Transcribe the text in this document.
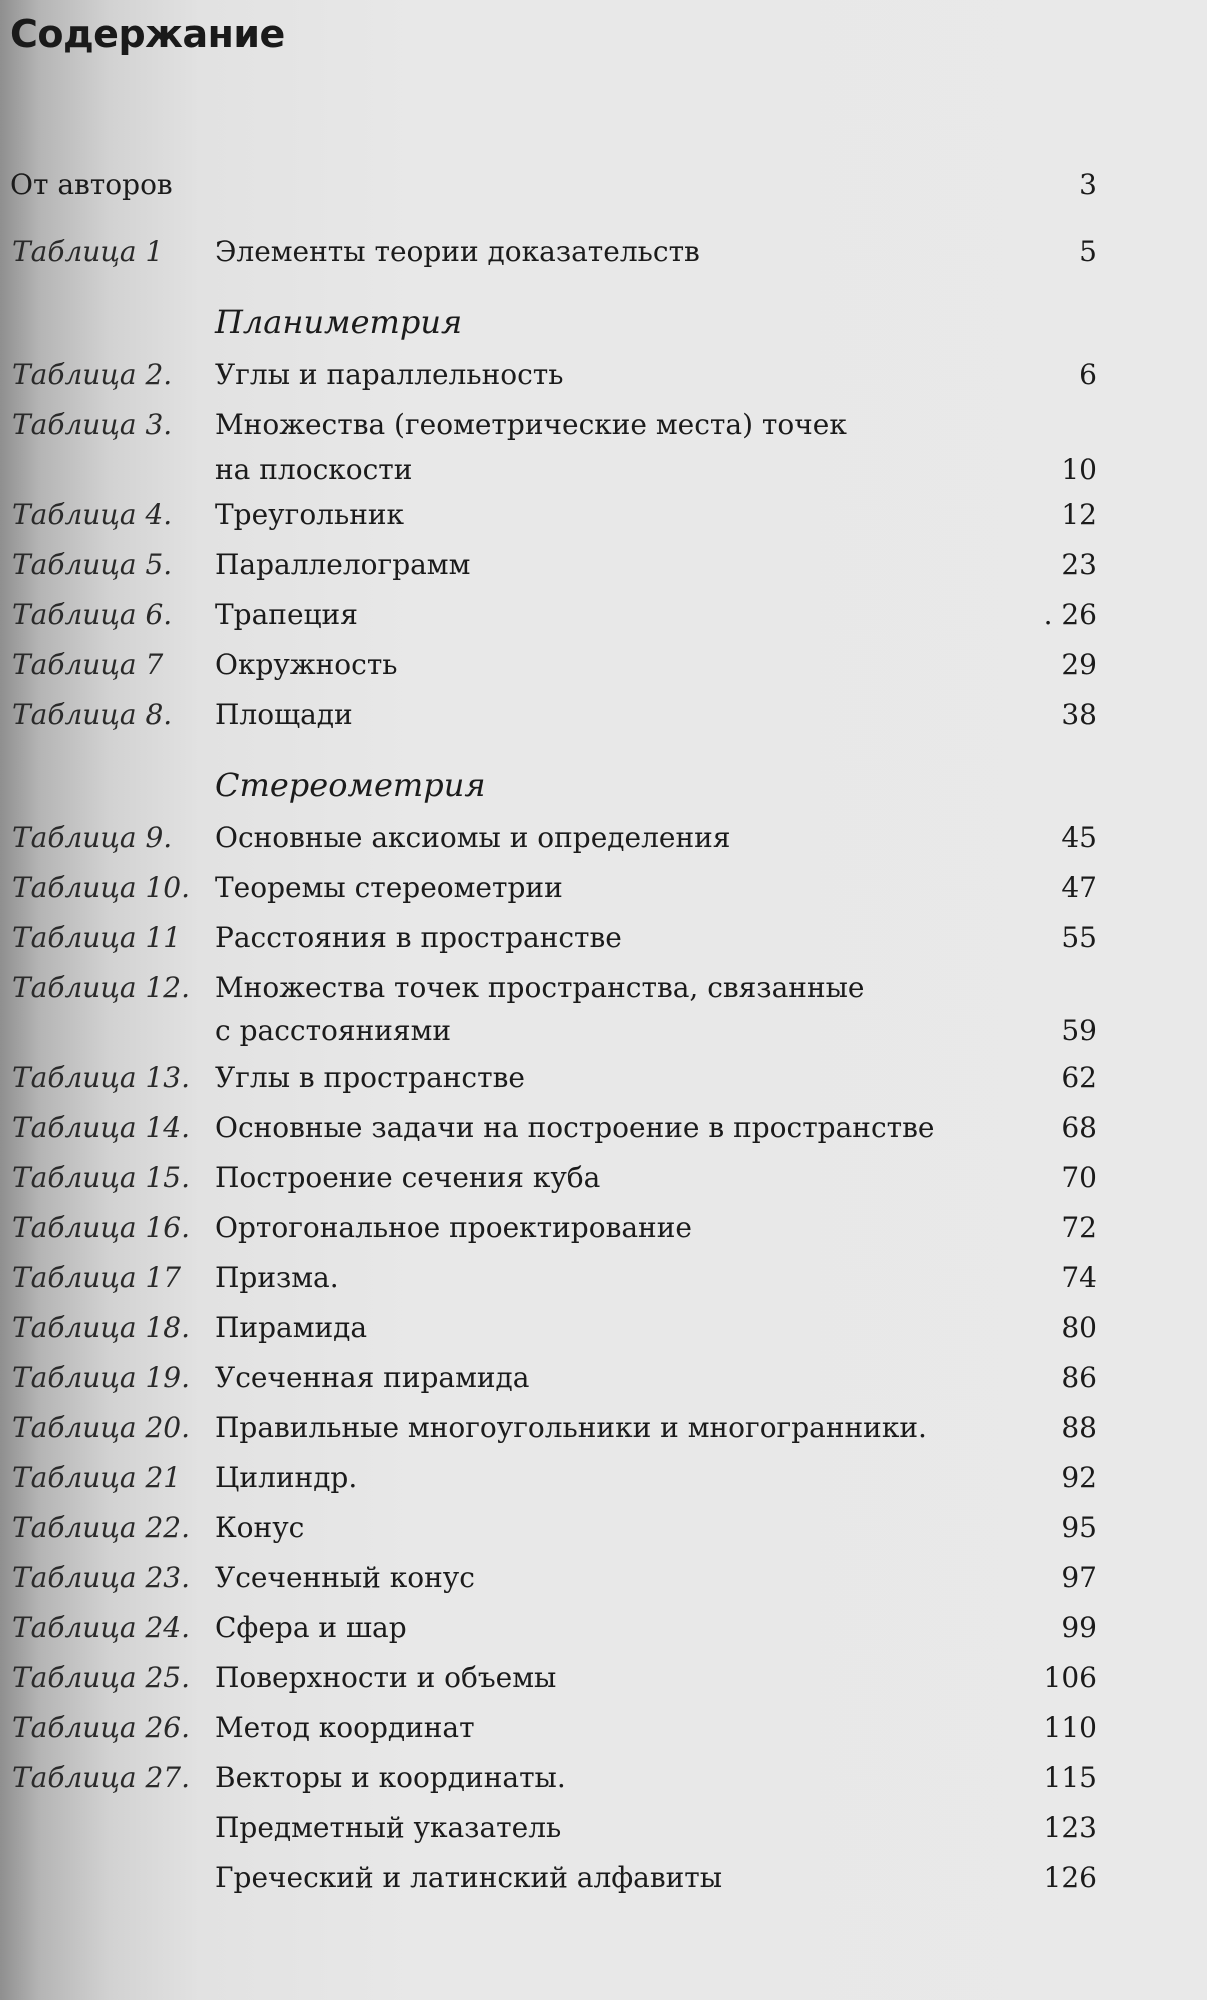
Содержание
От авторов	3
Таблица 1 Элементы теории доказательств	5
Планиметрия
Таблица 2. Углы и параллельность	6
Таблица 3. Множества (геометрические места) точек
на плоскости	10
Таблица 4. Треугольник	12
Таблица 5. Параллелограмм	23
Таблица 6. Трапеция	. 26
Таблица 7 Окружность	29
Таблица 8. Площади	38
Стереометрия
Таблица 9. Основные аксиомы и определения	45
Таблица 10. Теоремы стереометрии	47
Таблица 11 Расстояния в пространстве	55
Таблица 12. Множества точек пространства, связанные
с расстояниями	59
Таблица 13. Углы в пространстве	62
Таблица 14. Основные задачи на построение в пространстве	68
Таблица 15. Построение сечения куба	70
Таблица 16. Ортогональное проектирование	72
Таблица 17 Призма.	74
Таблица 18. Пирамида	80
Таблица 19. Усеченная пирамида	86
Таблица 20. Правильные многоугольники и многогранники.	88
Таблица 21 Цилиндр.	92
Таблица 22. Конус	95
Таблица 23. Усеченный конус	97
Таблица 24. Сфера и шар	99
Таблица 25. Поверхности и объемы	106
Таблица 26. Метод координат	110
Таблица 27. Векторы и координаты.	115
Предметный указатель	123
Греческий и латинский алфавиты	126
